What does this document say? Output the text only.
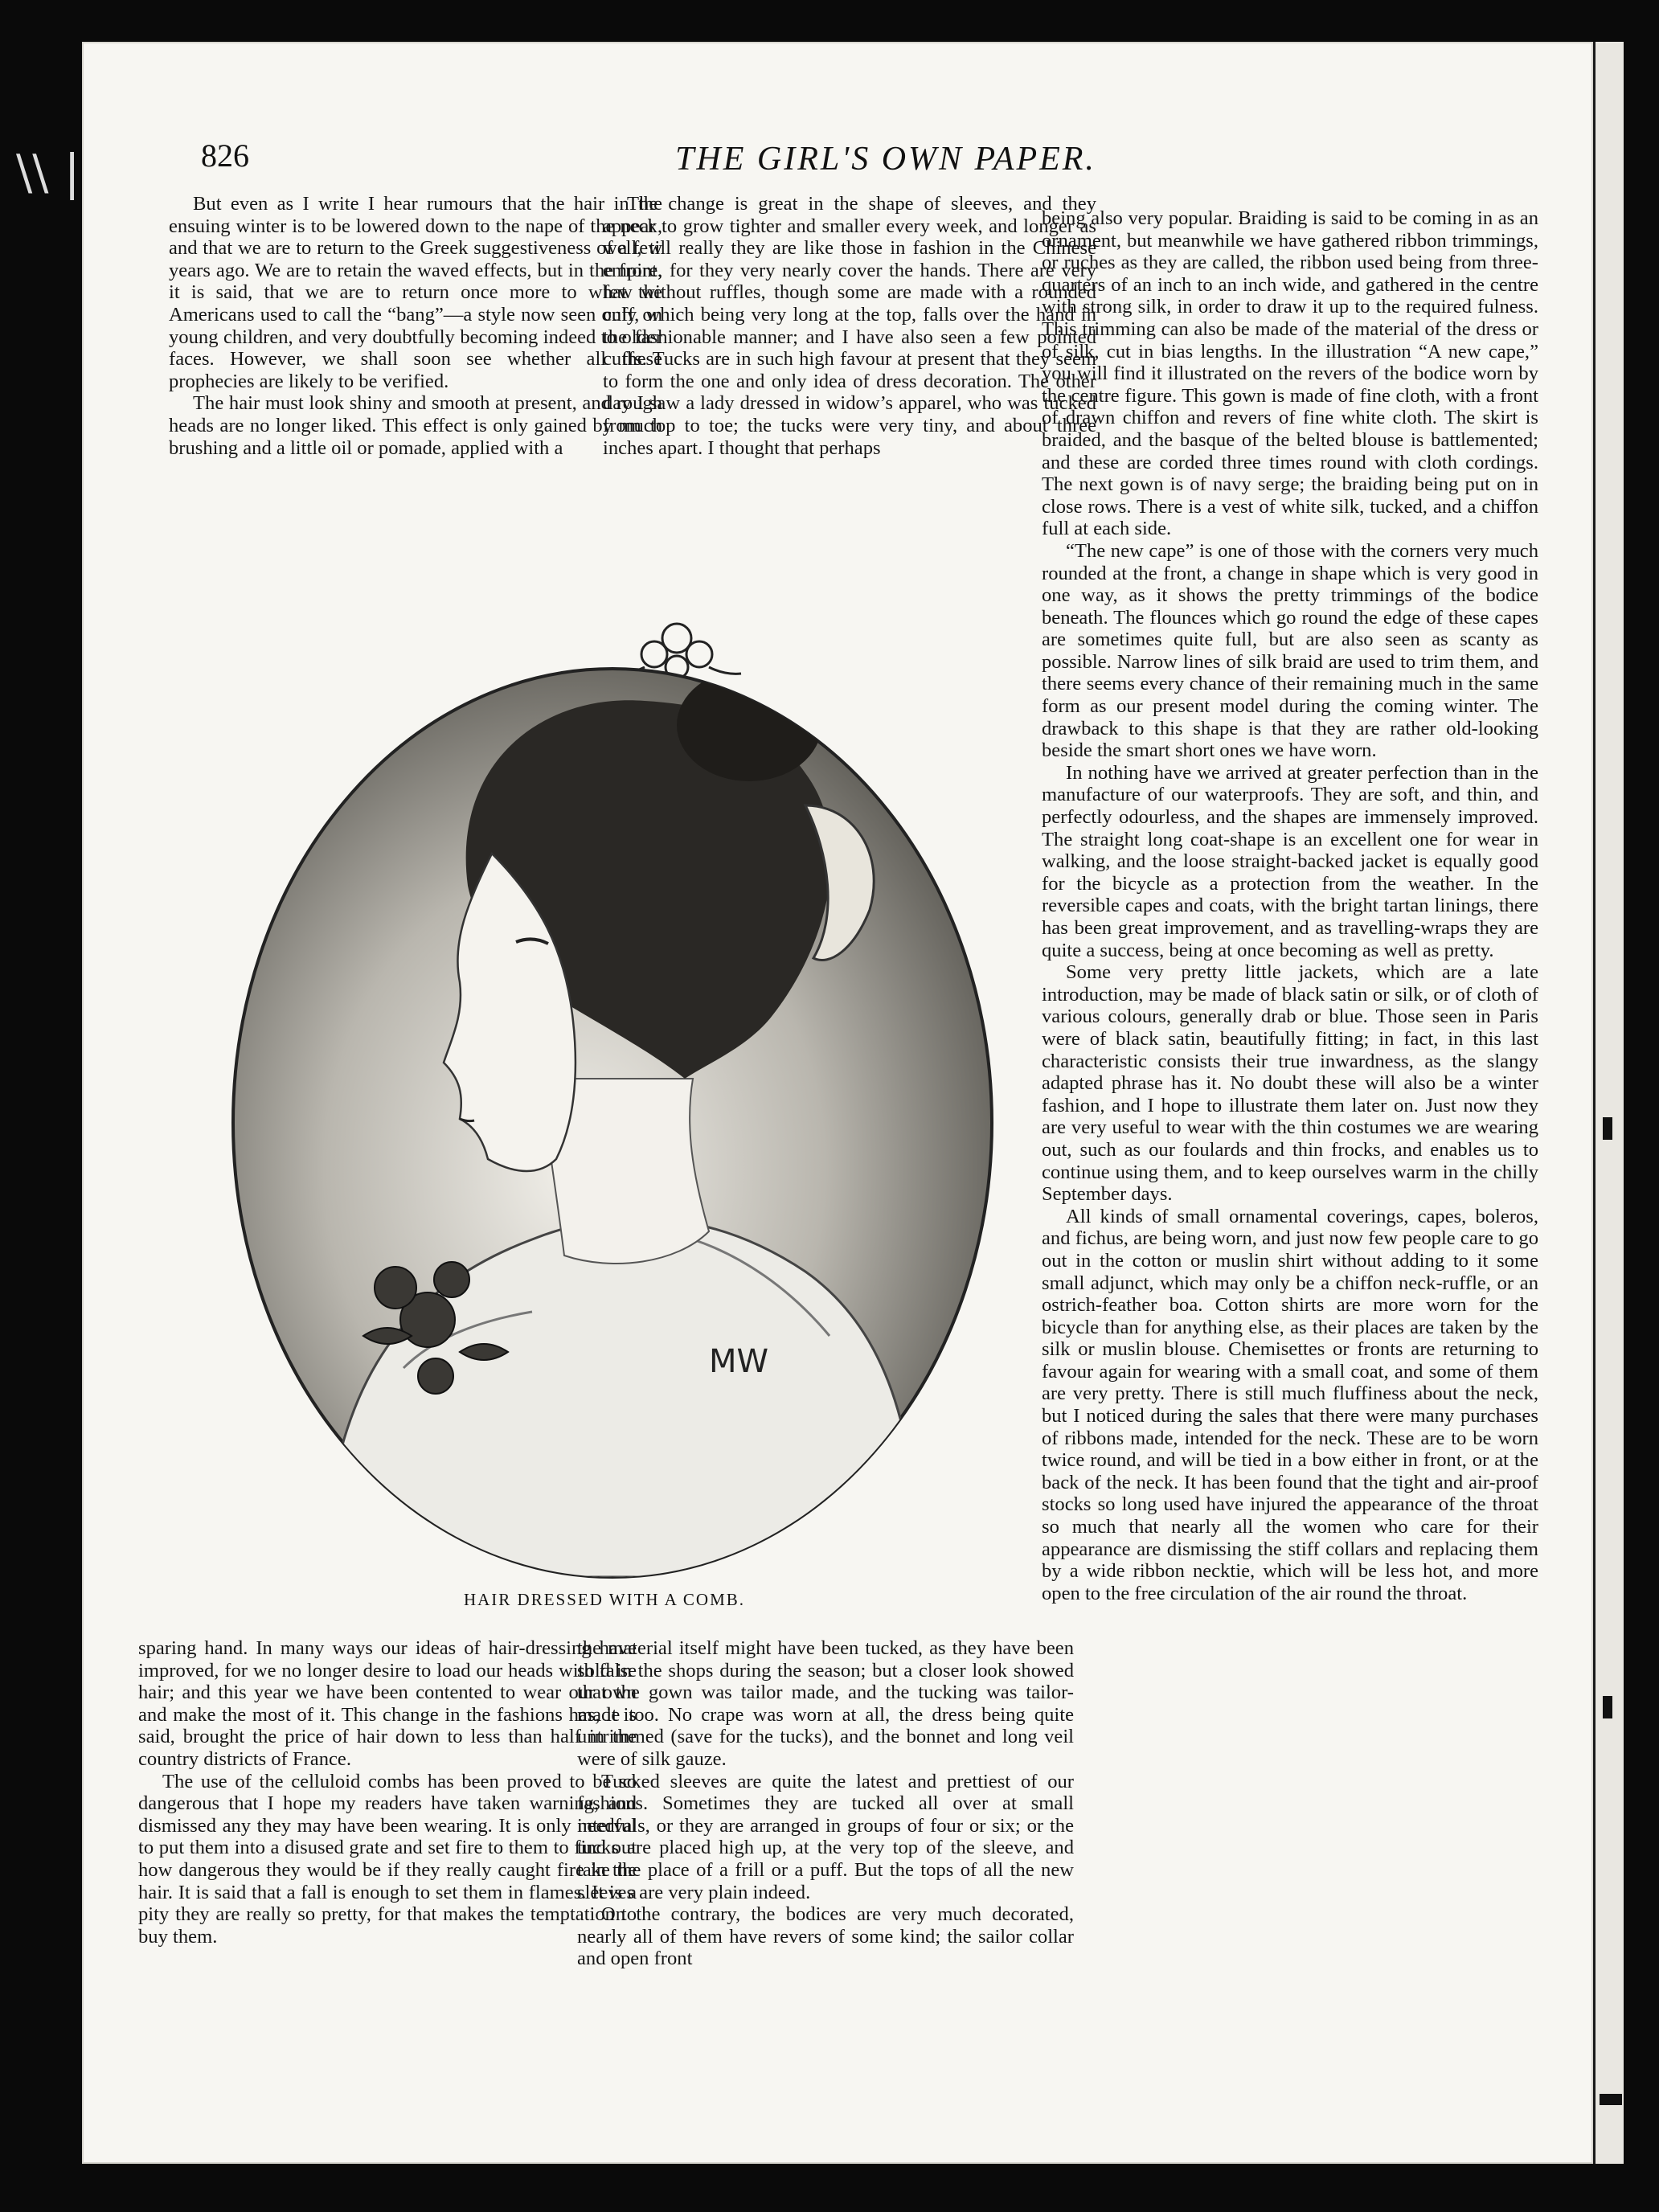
826	THE GIRL'S OWN PAPER.

But even as I write I hear rumours that the hair in the ensuing winter is to be lowered down to the nape of the neck, and that we are to return to the Greek suggestiveness of a few years ago. We are to retain the waved effects, but in the front, it is said, that we are to return once more to what the Americans used to call the “bang”—a style now seen only on young children, and very doubtfully becoming indeed to older faces. However, we shall soon see whether all these prophecies are likely to be verified.

The hair must look shiny and smooth at present, and rough heads are no longer liked. This effect is only gained by much brushing and a little oil or pomade, applied with a

The change is great in the shape of sleeves, and they appear to grow tighter and smaller every week, and longer as well, till really they are like those in fashion in the Chinese empire, for they very nearly cover the hands. There are very few without ruffles, though some are made with a rounded cuff, which being very long at the top, falls over the hand in the fashionable manner; and I have also seen a few pointed cuffs. Tucks are in such high favour at present that they seem to form the one and only idea of dress decoration. The other day I saw a lady dressed in widow’s apparel, who was tucked from top to toe; the tucks were very tiny, and about three inches apart. I thought that perhaps

being also very popular. Braiding is said to be coming in as an ornament, but meanwhile we have gathered ribbon trimmings, or ruches as they are called, the ribbon used being from three-quarters of an inch to an inch wide, and gathered in the centre with strong silk, in order to draw it up to the required fulness. This trimming can also be made of the material of the dress or of silk, cut in bias lengths. In the illustration “A new cape,” you will find it illustrated on the revers of the bodice worn by the centre figure. This gown is made of fine cloth, with a front of drawn chiffon and revers of fine white cloth. The skirt is braided, and the basque of the belted blouse is battlemented; and these are corded three times round with cloth cordings. The next gown is of navy serge; the braiding being put on in close rows. There is a vest of white silk, tucked, and a chiffon full at each side.

“The new cape” is one of those with the corners very much rounded at the front, a change in shape which is very good in one way, as it shows the pretty trimmings of the bodice beneath. The flounces which go round the edge of these capes are sometimes quite full, but are also seen as scanty as possible. Narrow lines of silk braid are used to trim them, and there seems every chance of their remaining much in the same form as our present model during the coming winter. The drawback to this shape is that they are rather old-looking beside the smart short ones we have worn.

In nothing have we arrived at greater perfection than in the manufacture of our waterproofs. They are soft, and thin, and perfectly odourless, and the shapes are immensely improved. The straight long coat-shape is an excellent one for wear in walking, and the loose straight-backed jacket is equally good for the bicycle as a protection from the weather. In the reversible capes and coats, with the bright tartan linings, there has been great improvement, and as travelling-wraps they are quite a success, being at once becoming as well as pretty.

Some very pretty little jackets, which are a late introduction, may be made of black satin or silk, or of cloth of various colours, generally drab or blue. Those seen in Paris were of black satin, beautifully fitting; in fact, in this last characteristic consists their true inwardness, as the slangy adapted phrase has it. No doubt these will also be a winter fashion, and I hope to illustrate them later on. Just now they are very useful to wear with the thin costumes we are wearing out, such as our foulards and thin frocks, and enables us to continue using them, and to keep ourselves warm in the chilly September days.

All kinds of small ornamental coverings, capes, boleros, and fichus, are being worn, and just now few people care to go out in the cotton or muslin shirt without adding to it some small adjunct, which may only be a chiffon neck-ruffle, or an ostrich-feather boa. Cotton shirts are more worn for the bicycle than for anything else, as their places are taken by the silk or muslin blouse. Chemisettes or fronts are returning to favour again for wearing with a small coat, and some of them are very pretty. There is still much fluffiness about the neck, but I noticed during the sales that there were many purchases of ribbons made, intended for the neck. These are to be worn twice round, and will be tied in a bow either in front, or at the back of the neck. It has been found that the tight and air-proof stocks so long used have injured the appearance of the throat so much that nearly all the women who care for their appearance are dismissing the stiff collars and replacing them by a wide ribbon necktie, which will be less hot, and more open to the free circulation of the air round the throat.

MW
HAIR DRESSED WITH A COMB.

sparing hand. In many ways our ideas of hair-dressing have improved, for we no longer desire to load our heads with false hair; and this year we have been contented to wear our own and make the most of it. This change in the fashions has, it is said, brought the price of hair down to less than half in the country districts of France.

The use of the celluloid combs has been proved to be so dangerous that I hope my readers have taken warning, and dismissed any they may have been wearing. It is only needful to put them into a disused grate and set fire to them to find out how dangerous they would be if they really caught fire in the hair. It is said that a fall is enough to set them in flames. It is a pity they are really so pretty, for that makes the temptation to buy them.

the material itself might have been tucked, as they have been sold in the shops during the season; but a closer look showed that the gown was tailor made, and the tucking was tailor-made too. No crape was worn at all, the dress being quite untrimmed (save for the tucks), and the bonnet and long veil were of silk gauze.

Tucked sleeves are quite the latest and prettiest of our fashions. Sometimes they are tucked all over at small intervals, or they are arranged in groups of four or six; or the tucks are placed high up, at the very top of the sleeve, and take the place of a frill or a puff. But the tops of all the new sleeves are very plain indeed.

On the contrary, the bodices are very much decorated, nearly all of them have revers of some kind; the sailor collar and open front

\\ |
